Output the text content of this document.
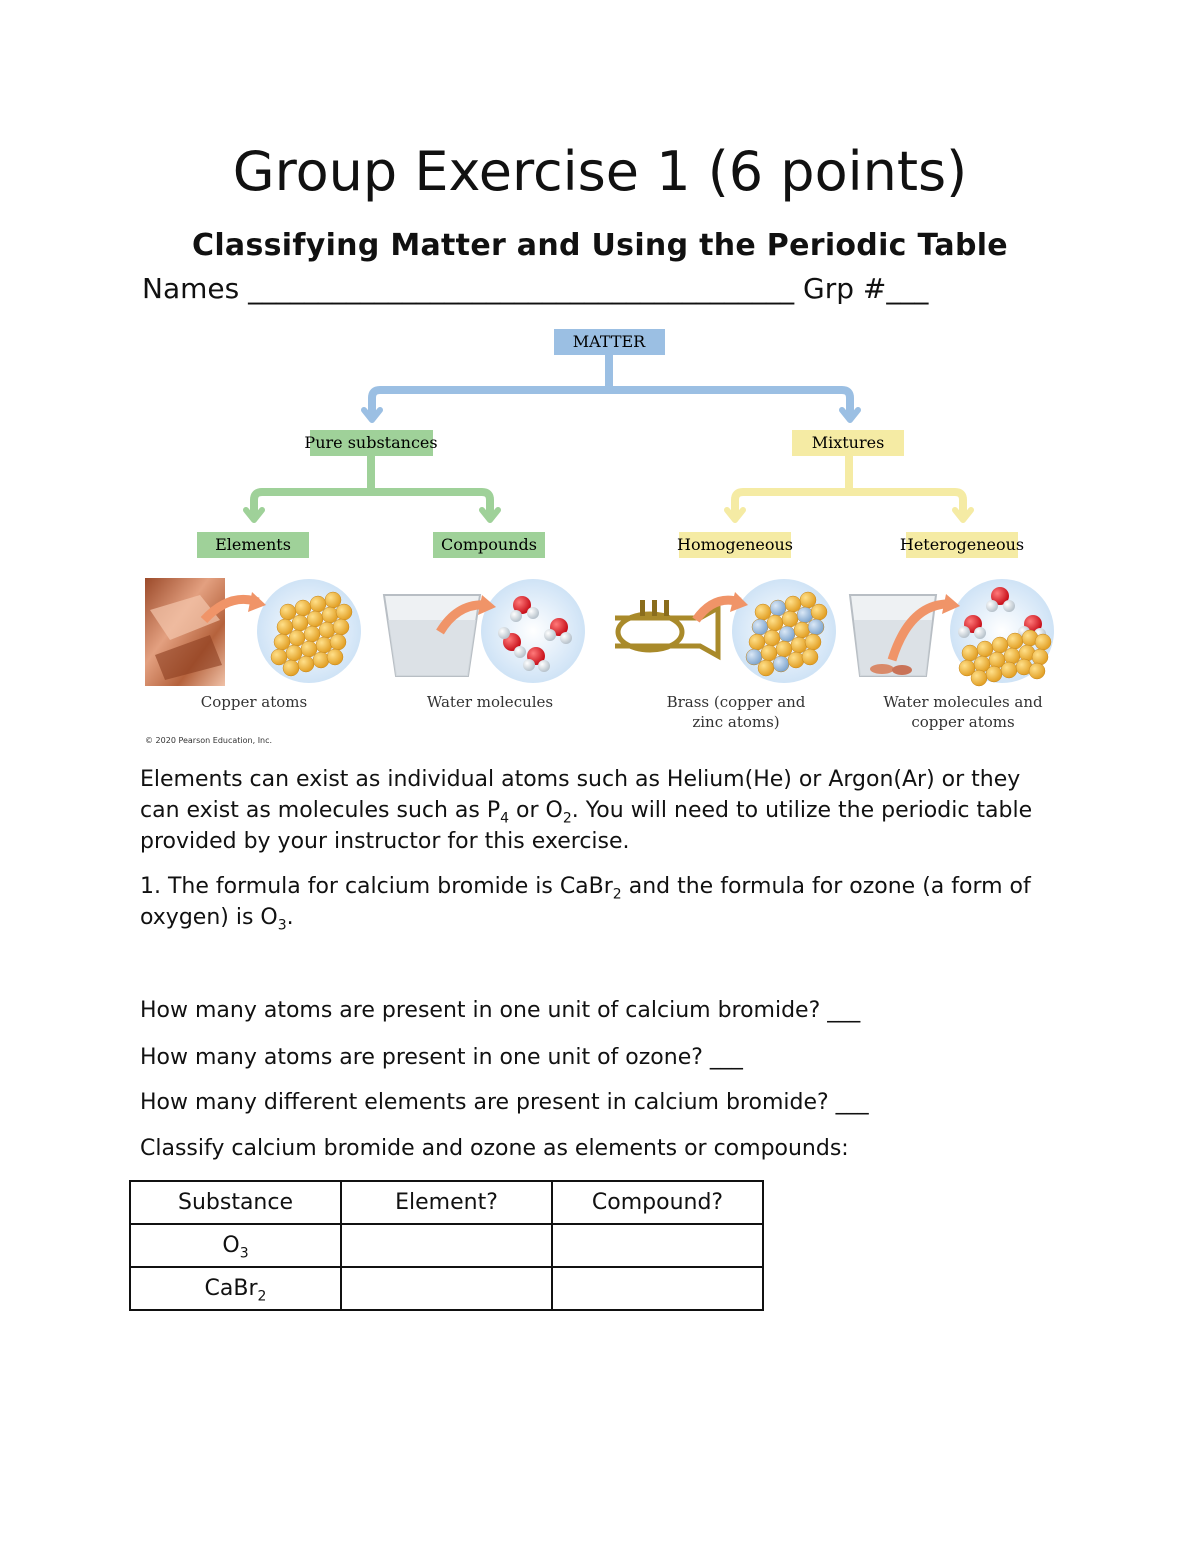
Group Exercise 1 (6 points)
Classifying Matter and Using the Periodic Table
Names _______________________________________ Grp #___
MATTER
Pure substances	Mixtures
Elements	Compounds	Homogeneous	Heterogeneous
Copper atoms	Water molecules	Brass (copper and
zinc atoms)
Water molecules and
copper atoms
© 2020 Pearson Education, Inc.
Elements can exist as individual atoms such as Helium(He) or Argon(Ar) or they can exist as molecules such as $P_4$ or $O_2$. You will need to utilize the periodic table provided by your instructor for this exercise.
1. The formula for calcium bromide is CaBr$_2$ and the formula for ozone (a form of oxygen) is $O_3$.
How many atoms are present in one unit of calcium bromide? ___
How many atoms are present in one unit of ozone? ___
How many different elements are present in calcium bromide? ___
Classify calcium bromide and ozone as elements or compounds:
Substance	Element?	Compound?
$O_3$		
CaBr$_2$		
